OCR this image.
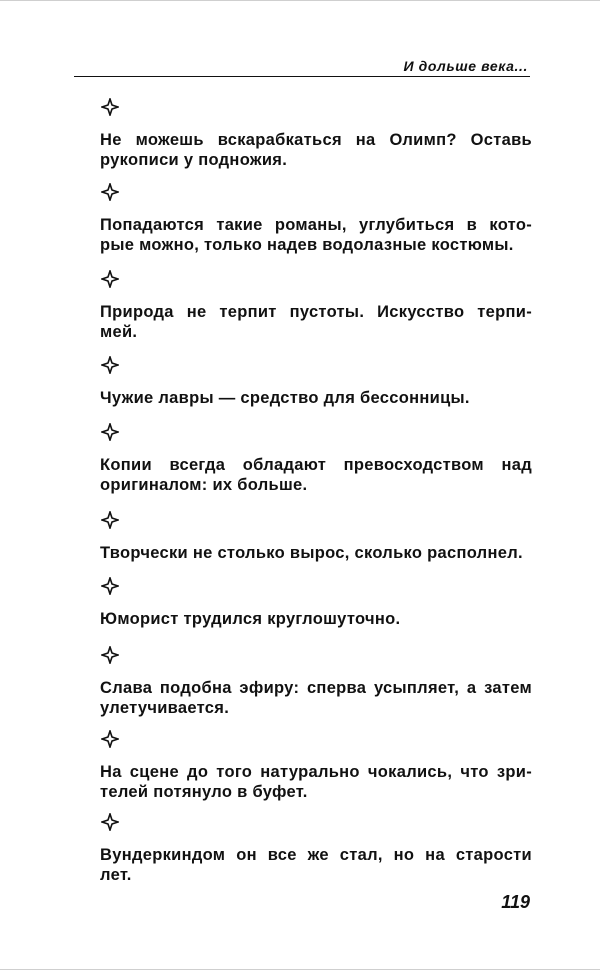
И дольше века...
Не можешь вскарабкаться на Олимп? Оставь
рукописи у подножия.
Попадаются такие романы, углубиться в кото-
рые можно, только надев водолазные костюмы.
Природа не терпит пустоты. Искусство терпи-
мей.
Чужие лавры — средство для бессонницы.
Копии всегда обладают превосходством над
оригиналом: их больше.
Творчески не столько вырос, сколько располнел.
Юморист трудился круглошуточно.
Слава подобна эфиру: сперва усыпляет, а затем
улетучивается.
На сцене до того натурально чокались, что зри-
телей потянуло в буфет.
Вундеркиндом он все же стал, но на старости
лет.
119
